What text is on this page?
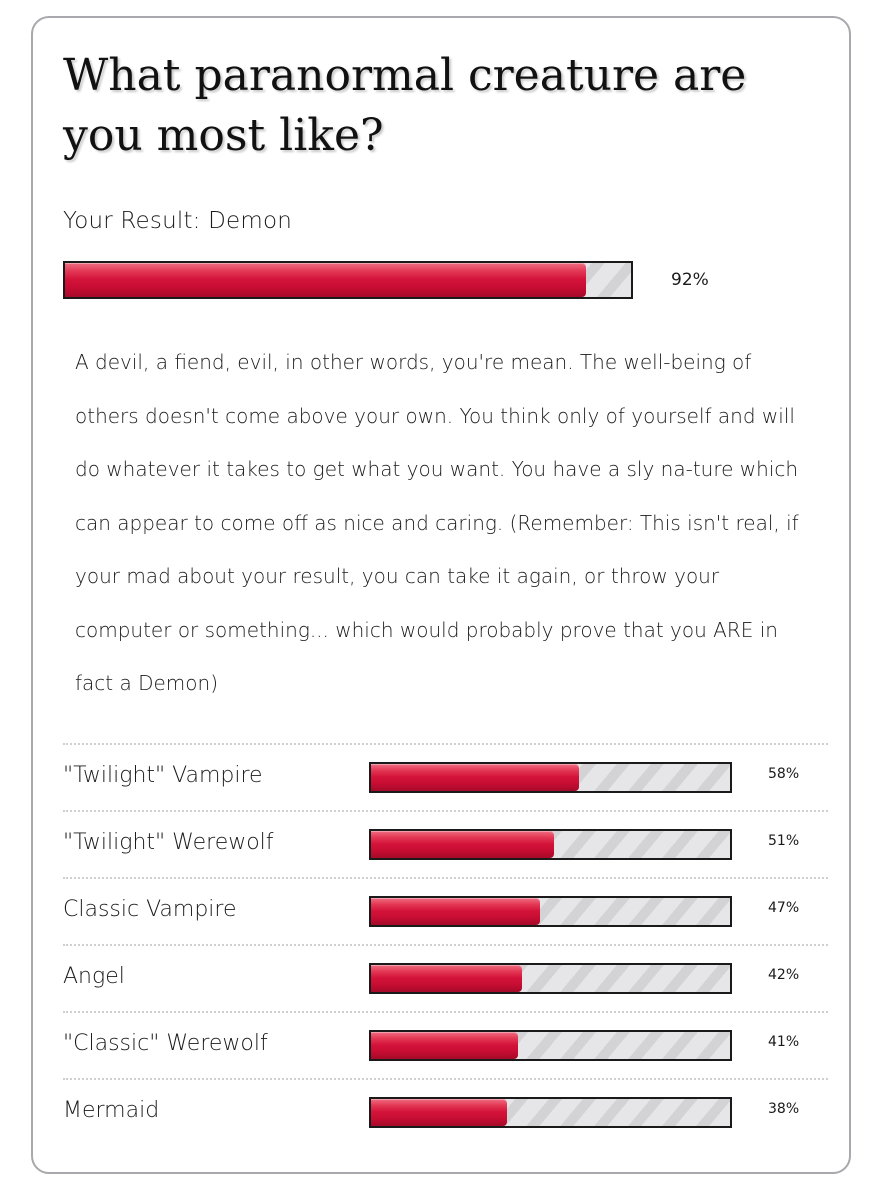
What paranormal creature are you most like?
Your Result: Demon
92%

A devil, a fiend, evil, in other words, you're mean. The well-being of others doesn't come above your own. You think only of yourself and will do whatever it takes to get what you want. You have a sly na-ture which can appear to come off as nice and caring. (Remember: This isn't real, if your mad about your result, you can take it again, or throw your computer or something... which would probably prove that you ARE in fact a Demon)

"Twilight" Vampire	58%
"Twilight" Werewolf	51%
Classic Vampire	47%
Angel	42%
"Classic" Werewolf	41%
Mermaid	38%
